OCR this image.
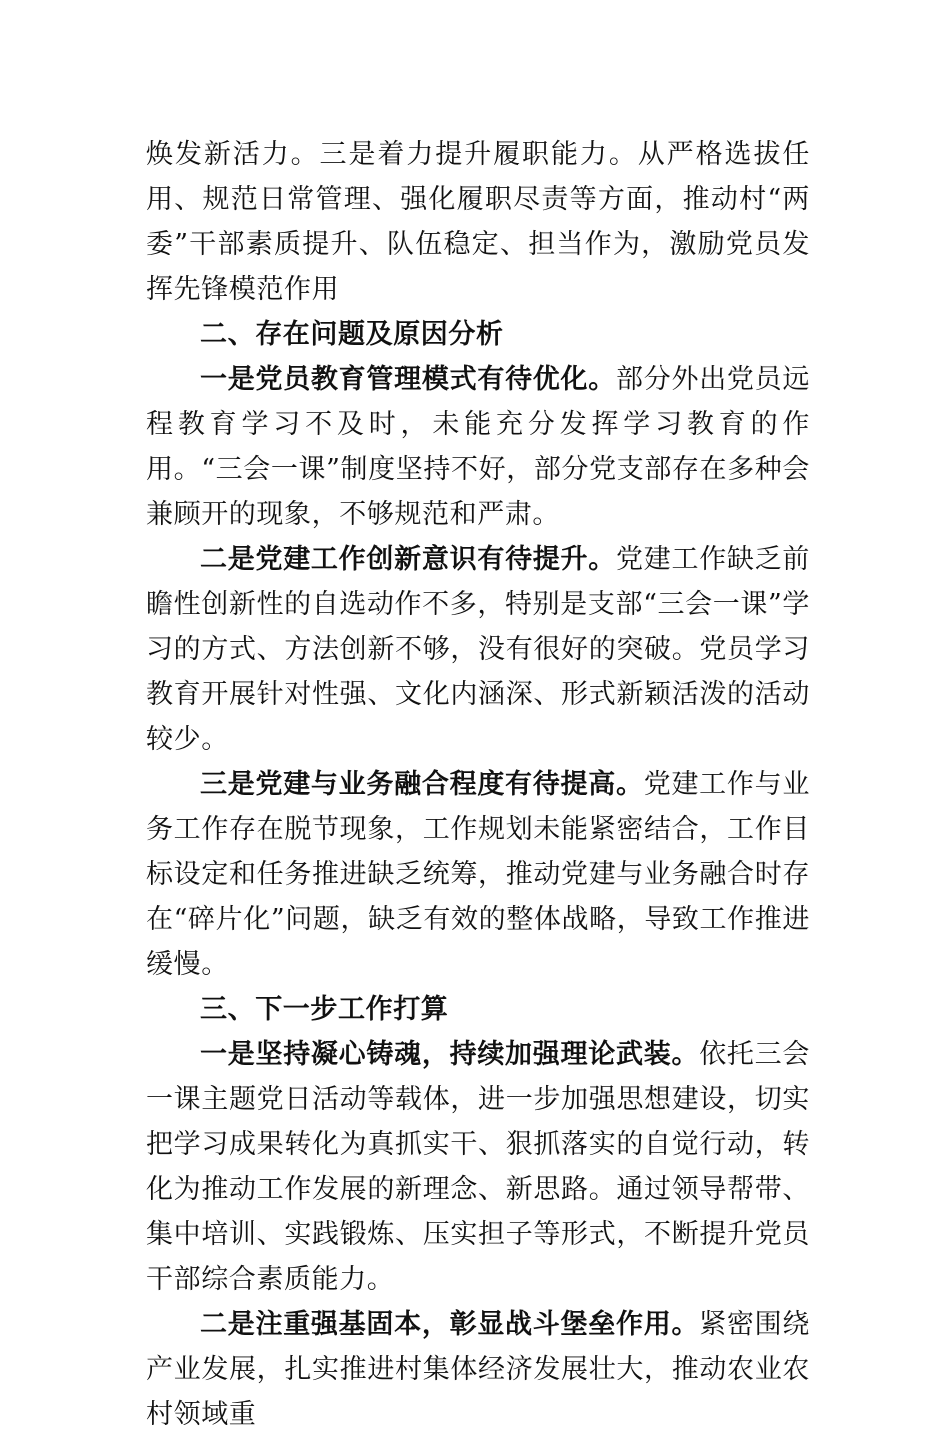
焕发新活力。三是着力提升履职能力。从严格选拔任用、规范日常管理、强化履职尽责等方面，推动村“两委”干部素质提升、队伍稳定、担当作为，激励党员发挥先锋模范作用

二、存在问题及原因分析

一是党员教育管理模式有待优化。部分外出党员远程教育学习不及时，未能充分发挥学习教育的作用。“三会一课”制度坚持不好，部分党支部存在多种会兼顾开的现象，不够规范和严肃。

二是党建工作创新意识有待提升。党建工作缺乏前瞻性创新性的自选动作不多，特别是支部“三会一课”学习的方式、方法创新不够，没有很好的突破。党员学习教育开展针对性强、文化内涵深、形式新颖活泼的活动较少。

三是党建与业务融合程度有待提高。党建工作与业务工作存在脱节现象，工作规划未能紧密结合，工作目标设定和任务推进缺乏统筹，推动党建与业务融合时存在“碎片化”问题，缺乏有效的整体战略，导致工作推进缓慢。

三、下一步工作打算

一是坚持凝心铸魂，持续加强理论武装。依托三会一课主题党日活动等载体，进一步加强思想建设，切实把学习成果转化为真抓实干、狠抓落实的自觉行动，转化为推动工作发展的新理念、新思路。通过领导帮带、集中培训、实践锻炼、压实担子等形式，不断提升党员干部综合素质能力。

二是注重强基固本，彰显战斗堡垒作用。紧密围绕产业发展，扎实推进村集体经济发展壮大，推动农业农村领域重
